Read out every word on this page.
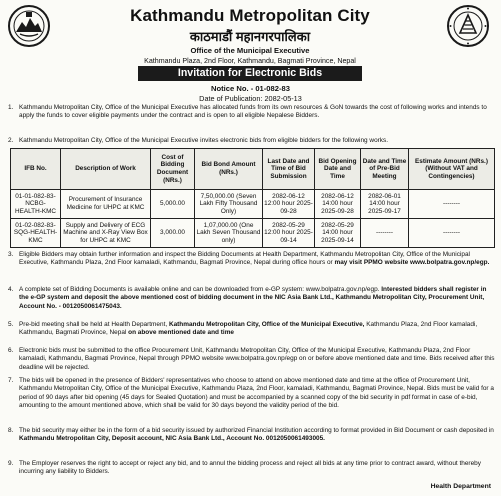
Kathmandu Metropolitan City
काठमाडौं महानगरपालिका
Office of the Municipal Executive
Kathmandu Plaza, 2nd Floor, Kathmandu, Bagmati Province, Nepal
Invitation for Electronic Bids
Notice No. - 01-082-83
Date of Publication: 2082-05-13
1. Kathmandu Metropolitan City, Office of the Municipal Executive has allocated funds from its own resources & GoN towards the cost of following works and intends to apply the funds to cover eligible payments under the contract and is open to all eligible Nepalese Bidders.
2. Kathmandu Metropolitan City, Office of the Municipal Executive invites electronic bids from eligible bidders for the following works.
IFB No.	Description of Work	Cost of Bidding Document (NRs.)	Bid Bond Amount (NRs.)	Last Date and Time of Bid Submission	Bid Opening Date and Time	Date and Time of Pre-Bid Meeting	Estimate Amount (NRs.) (Without VAT and Contingencies)
01-01-082-83-NCBG-HEALTH-KMC	Procurement of Insurance Medicine for UHPC at KMC	5,000.00	7,50,000.00 (Seven Lakh Fifty Thousand Only)	2082-06-12 12:00 hour 2025-09-28	2082-06-12 14:00 hour 2025-09-28	2082-06-01 14:00 hour 2025-09-17	--------
01-02-082-83-SQG-HEALTH-KMC	Supply and Delivery of ECG Machine and X-Ray View Box for UHPC at KMC	3,000.00	1,07,000.00 (One Lakh Seven Thousand only)	2082-05-29 12:00 hour 2025-09-14	2082-05-29 14:00 hour 2025-09-14	--------	--------
3. Eligible Bidders may obtain further information and inspect the Bidding Documents at Health Department, Kathmandu Metropolitan City, Office of the Municipal Executive, Kathmandu Plaza, 2nd Floor kamaladi, Kathmandu, Bagmati Province, Nepal during office hours or may visit PPMO website www.bolpatra.gov.np/egp.
4. A complete set of Bidding Documents is available online and can be downloaded from e-GP system: www.bolpatra.gov.np/egp. Interested bidders shall register in the e-GP system and deposit the above mentioned cost of bidding document in the NIC Asia Bank Ltd., Kathmandu Metropolitan City, Procurement Unit, Account No. - 0012050061475043.
5. Pre-bid meeting shall be held at Health Department, Kathmandu Metropolitan City, Office of the Municipal Executive, Kathmandu Plaza, 2nd Floor kamaladi, Kathmandu, Bagmati Province, Nepal on above mentioned date and time
6. Electronic bids must be submitted to the office Procurement Unit, Kathmandu Metropolitan City, Office of the Municipal Executive, Kathmandu Plaza, 2nd Floor kamaladi, Kathmandu, Bagmati Province, Nepal through PPMO website www.bolpatra.gov.np/egp on or before above mentioned date and time. Bids received after this deadline will be rejected.
7. The bids will be opened in the presence of Bidders' representatives who choose to attend on above mentioned date and time at the office of Procurement Unit, Kathmandu Metropolitan City, Office of the Municipal Executive, Kathmandu Plaza, 2nd Floor, kamaladi, Kathmandu, Bagmati Province, Nepal. Bids must be valid for a period of 90 days after bid opening (45 days for Sealed Quotation) and must be accompanied by a scanned copy of the bid security in pdf format in case of e-bid, amounting to the amount mentioned above, which shall be valid for 30 days beyond the validity period of the bid.
8. The bid security may either be in the form of a bid security issued by authorized Financial Institution according to format provided in Bid Document or cash deposited in Kathmandu Metropolitan City, Deposit account, NIC Asia Bank Ltd., Account No. 0012050061493005.
9. The Employer reserves the right to accept or reject any bid, and to annul the bidding process and reject all bids at any time prior to contract award, without thereby incurring any liability to Bidders.
Health Department
